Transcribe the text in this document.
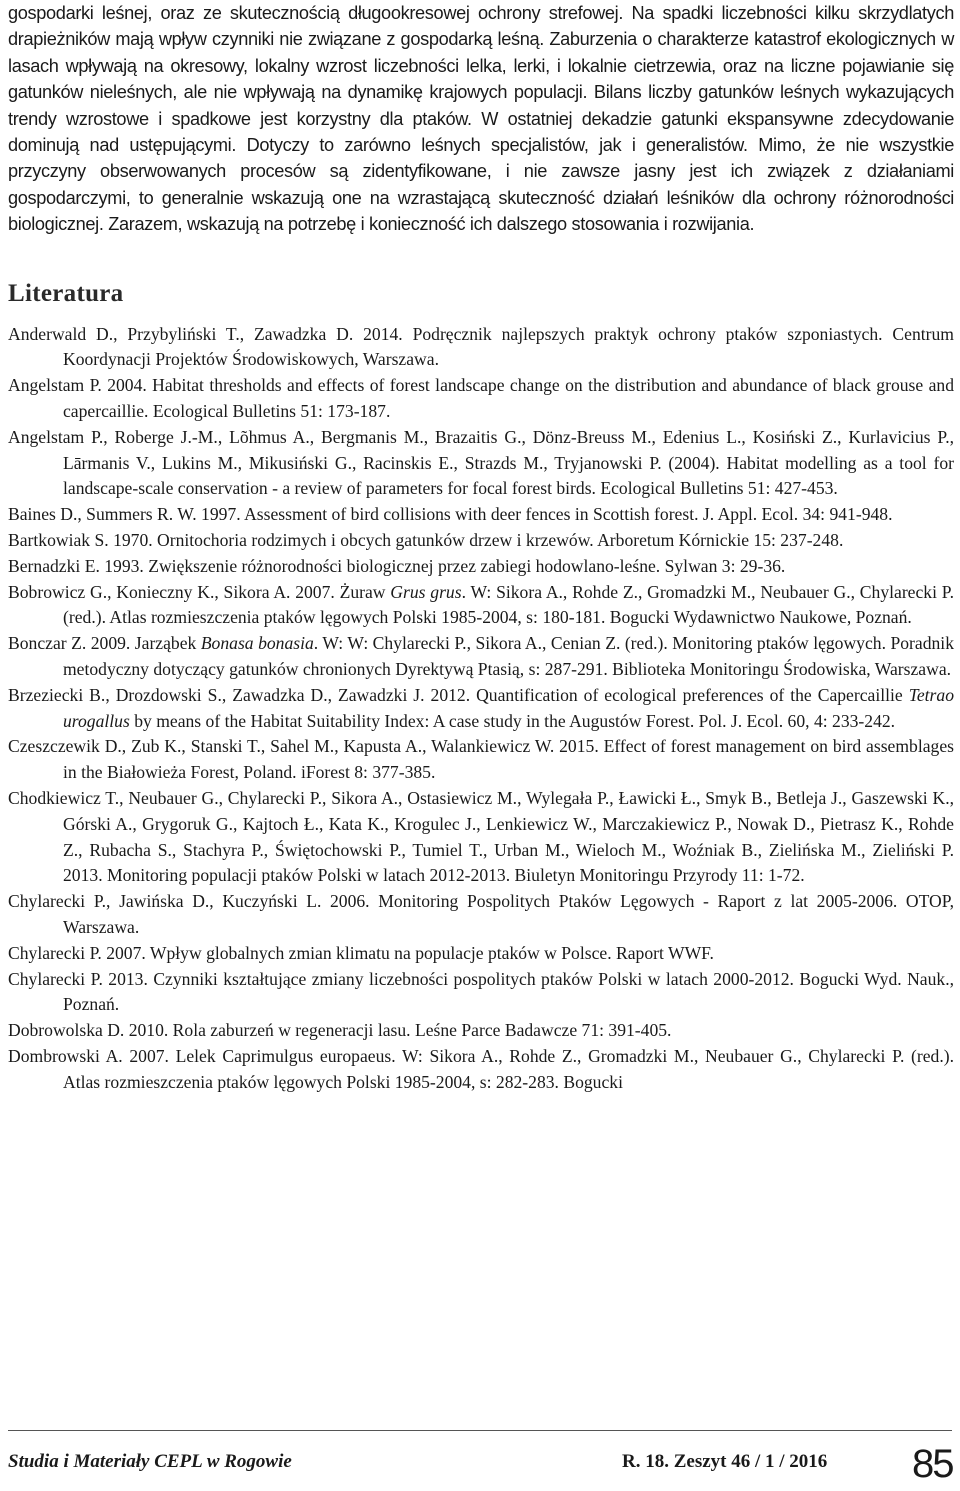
gospodarki leśnej, oraz ze skutecznością długookresowej ochrony strefowej. Na spadki liczebności kilku skrzydlatych drapieżników mają wpływ czynniki nie związane z gospodarką leśną. Zaburzenia o charakterze katastrof ekologicznych w lasach wpływają na okresowy, lokalny wzrost liczebności lelka, lerki, i lokalnie cietrzewia, oraz na liczne pojawianie się gatunków nieleśnych, ale nie wpływają na dynamikę krajowych populacji. Bilans liczby gatunków leśnych wykazujących trendy wzrostowe i spadkowe jest korzystny dla ptaków. W ostatniej dekadzie gatunki ekspansywne zdecydowanie dominują nad ustępującymi. Dotyczy to zarówno leśnych specjalistów, jak i generalistów. Mimo, że nie wszystkie przyczyny obserwowanych procesów są zidentyfikowane, i nie zawsze jasny jest ich związek z działaniami gospodarczymi, to generalnie wskazują one na wzrastającą skuteczność działań leśników dla ochrony różnorodności biologicznej. Zarazem, wskazują na potrzebę i konieczność ich dalszego stosowania i rozwijania.

Literatura

Anderwald D., Przybyliński T., Zawadzka D. 2014. Podręcznik najlepszych praktyk ochrony ptaków szponiastych. Centrum Koordynacji Projektów Środowiskowych, Warszawa.

Angelstam P. 2004. Habitat thresholds and effects of forest landscape change on the distribution and abundance of black grouse and capercaillie. Ecological Bulletins 51: 173-187.

Angelstam P., Roberge J.-M., Lõhmus A., Bergmanis M., Brazaitis G., Dönz-Breuss M., Edenius L., Kosiński Z., Kurlavicius P., Lārmanis V., Lukins M., Mikusiński G., Racinskis E., Strazds M., Tryjanowski P. (2004). Habitat modelling as a tool for landscape-scale conservation - a review of parameters for focal forest birds. Ecological Bulletins 51: 427-453.

Baines D., Summers R. W. 1997. Assessment of bird collisions with deer fences in Scottish forest. J. Appl. Ecol. 34: 941-948.

Bartkowiak S. 1970. Ornitochoria rodzimych i obcych gatunków drzew i krzewów. Arboretum Kórnickie 15: 237-248.

Bernadzki E. 1993. Zwiększenie różnorodności biologicznej przez zabiegi hodowlano-leśne. Sylwan 3: 29-36.

Bobrowicz G., Konieczny K., Sikora A. 2007. Żuraw Grus grus. W: Sikora A., Rohde Z., Gromadzki M., Neubauer G., Chylarecki P. (red.). Atlas rozmieszczenia ptaków lęgowych Polski 1985-2004, s: 180-181. Bogucki Wydawnictwo Naukowe, Poznań.

Bonczar Z. 2009. Jarząbek Bonasa bonasia. W: W: Chylarecki P., Sikora A., Cenian Z. (red.). Monitoring ptaków lęgowych. Poradnik metodyczny dotyczący gatunków chronionych Dyrektywą Ptasią, s: 287-291. Biblioteka Monitoringu Środowiska, Warszawa.

Brzeziecki B., Drozdowski S., Zawadzka D., Zawadzki J. 2012. Quantification of ecological preferences of the Capercaillie Tetrao urogallus by means of the Habitat Suitability Index: A case study in the Augustów Forest. Pol. J. Ecol. 60, 4: 233-242.

Czeszczewik D., Zub K., Stanski T., Sahel M., Kapusta A., Walankiewicz W. 2015. Effect of forest management on bird assemblages in the Białowieża Forest, Poland. iForest 8: 377-385.

Chodkiewicz T., Neubauer G., Chylarecki P., Sikora A., Ostasiewicz M., Wylegała P., Ławicki Ł., Smyk B., Betleja J., Gaszewski K., Górski A., Grygoruk G., Kajtoch Ł., Kata K., Krogulec J., Lenkiewicz W., Marczakiewicz P., Nowak D., Pietrasz K., Rohde Z., Rubacha S., Stachyra P., Świętochowski P., Tumiel T., Urban M., Wieloch M., Woźniak B., Zielińska M., Zieliński P. 2013. Monitoring populacji ptaków Polski w latach 2012-2013. Biuletyn Monitoringu Przyrody 11: 1-72.

Chylarecki P., Jawińska D., Kuczyński L. 2006. Monitoring Pospolitych Ptaków Lęgowych - Raport z lat 2005-2006. OTOP, Warszawa.

Chylarecki P. 2007. Wpływ globalnych zmian klimatu na populacje ptaków w Polsce. Raport WWF.

Chylarecki P. 2013. Czynniki kształtujące zmiany liczebności pospolitych ptaków Polski w latach 2000-2012. Bogucki Wyd. Nauk., Poznań.

Dobrowolska D. 2010. Rola zaburzeń w regeneracji lasu. Leśne Parce Badawcze 71: 391-405.

Dombrowski A. 2007. Lelek Caprimulgus europaeus. W: Sikora A., Rohde Z., Gromadzki M., Neubauer G., Chylarecki P. (red.). Atlas rozmieszczenia ptaków lęgowych Polski 1985-2004, s: 282-283. Bogucki

Studia i Materiały CEPL w Rogowie	R. 18. Zeszyt 46 / 1 / 2016 85
